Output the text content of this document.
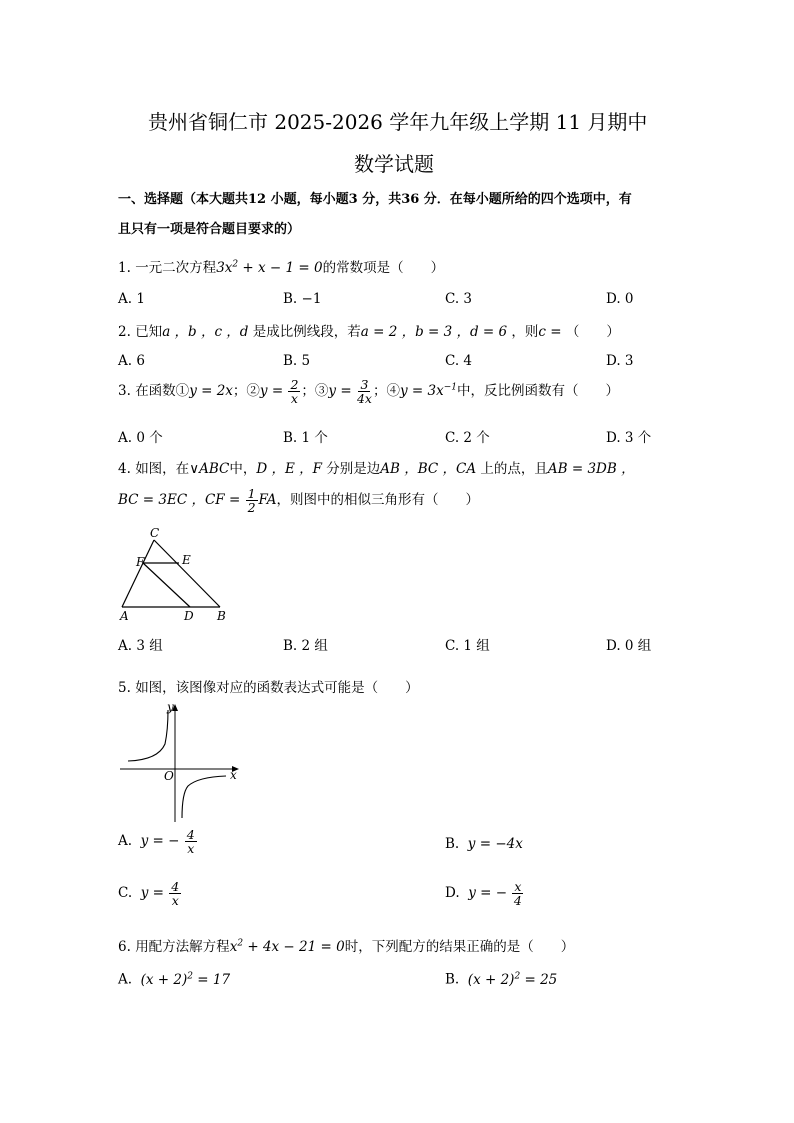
贵州省铜仁市 2025-2026 学年九年级上学期 11 月期中
数学试题
一、选择题（本大题共12 小题，每小题3 分，共36 分．在每小题所给的四个选项中，有
且只有一项是符合题目要求的）
1. 一元二次方程$3x^2 + x - 1 = 0$的常数项是（　　）
A. 1	B. −1	C. 3	D. 0
2. 已知a ，b ，c ，d 是成比例线段，若a = 2 ，b = 3 ，d = 6 ，则c = （　　）
A. 6	B. 5	C. 4	D. 3
3. 在函数①y = 2x；②y = $\frac{2}{x}$ ；③y = $\frac{3}{4x}$ ；④y = $3x^{-1}$中，反比例函数有（　　）
A. 0 个	B. 1 个	C. 2 个	D. 3 个
4. 如图，在∨ABC中，D ，E ，F 分别是边AB ，BC ，CA 上的点，且AB = 3DB ，
BC = 3EC ，CF = $\frac{1}{2}$ FA，则图中的相似三角形有（　　）
C
F	E
A	D B
A. 3 组	B. 2 组	C. 1 组	D. 0 组
5. 如图，该图像对应的函数表达式可能是（　　）
y
x
O
A.  y = − $\frac{4}{x}$	B.  y = −4x
C.  $y = \frac{4}{x}$	D.  y = − $\frac{x}{4}$
6. 用配方法解方程$x^2 + 4x - 21 = 0$时，下列配方的结果正确的是（　　）
A.  $(x + 2)^2 = 17$	B.  $(x + 2)^2 = 25$
